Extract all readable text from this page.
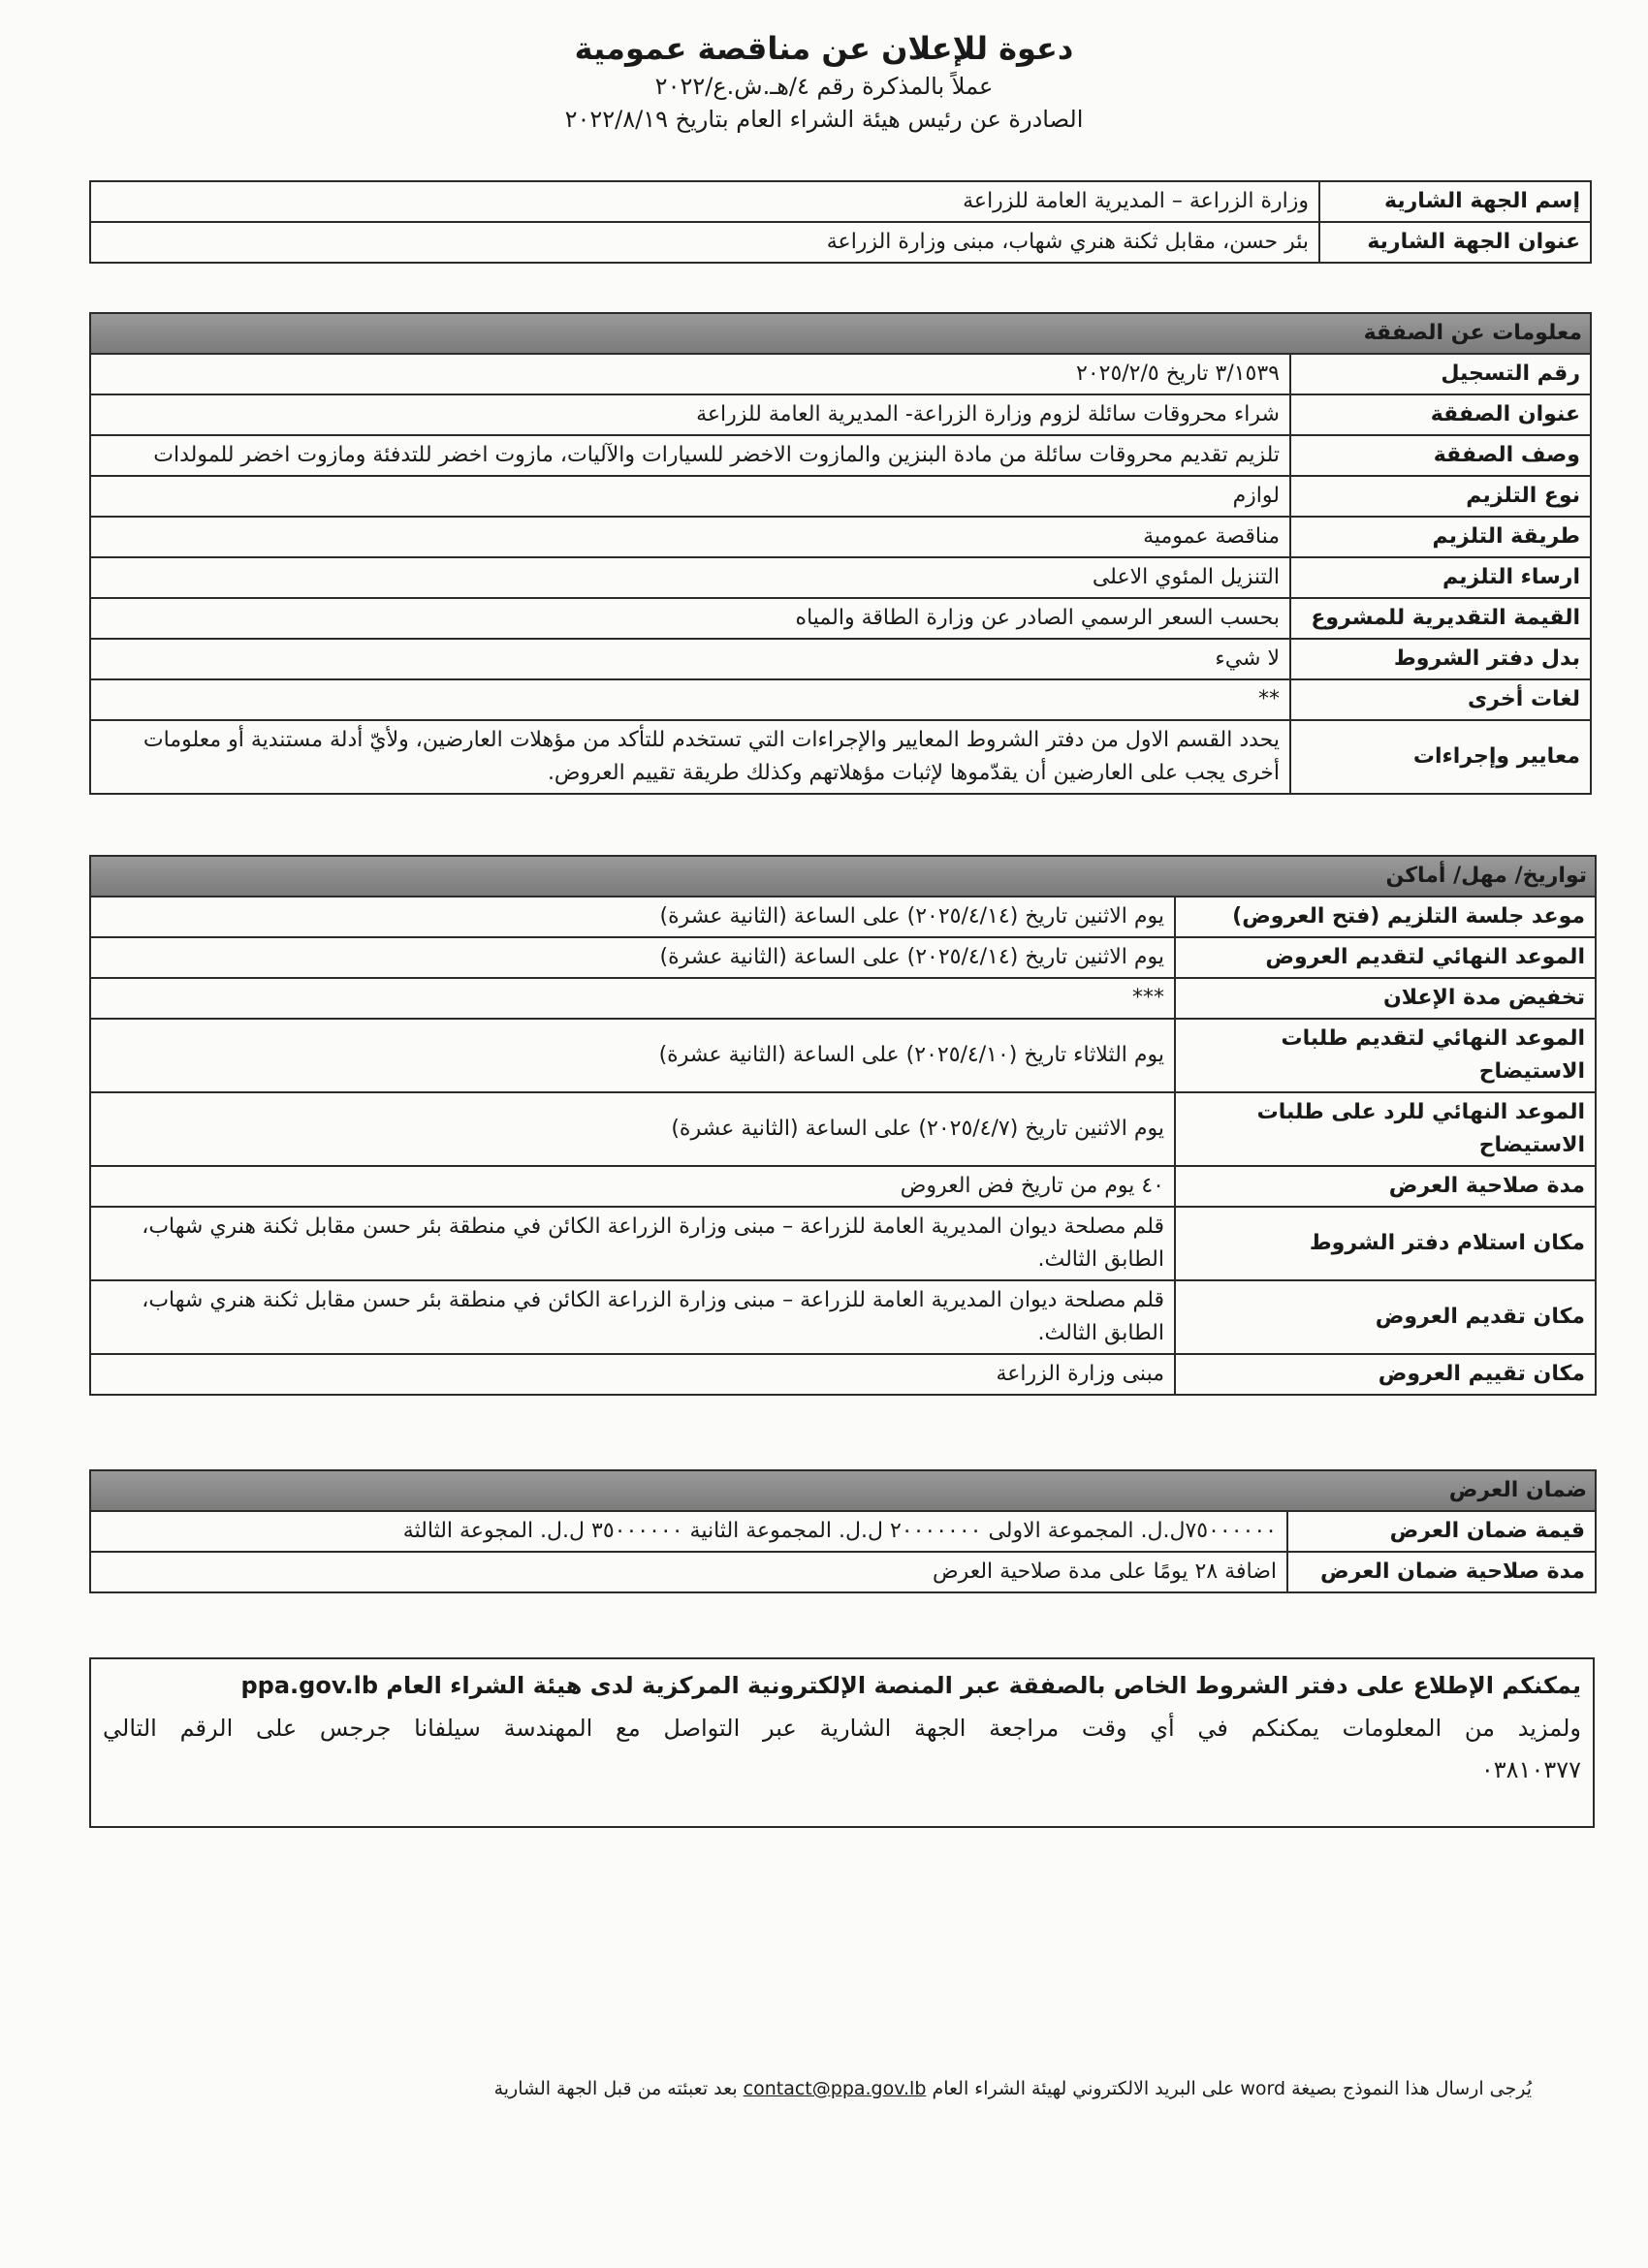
دعوة للإعلان عن مناقصة عمومية
عملاً بالمذكرة رقم ٤/هـ.ش.ع/٢٠٢٢
الصادرة عن رئيس هيئة الشراء العام بتاريخ ٢٠٢٢/٨/١٩
إسم الجهة الشارية	وزارة الزراعة – المديرية العامة للزراعة
عنوان الجهة الشارية	بئر حسن، مقابل ثكنة هنري شهاب، مبنى وزارة الزراعة
معلومات عن الصفقة	
رقم التسجيل	٣/١٥٣٩ تاريخ ٢٠٢٥/٢/٥
عنوان الصفقة	شراء محروقات سائلة لزوم وزارة الزراعة- المديرية العامة للزراعة
وصف الصفقة	تلزيم تقديم محروقات سائلة من مادة البنزين والمازوت الاخضر للسيارات والآليات، مازوت اخضر للتدفئة ومازوت اخضر للمولدات
نوع التلزيم	لوازم
طريقة التلزيم	مناقصة عمومية
ارساء التلزيم	التنزيل المئوي الاعلى
القيمة التقديرية للمشروع	بحسب السعر الرسمي الصادر عن وزارة الطاقة والمياه
بدل دفتر الشروط	لا شيء
لغات أخرى	**
معايير وإجراءات	يحدد القسم الاول من دفتر الشروط المعايير والإجراءات التي تستخدم للتأكد من مؤهلات العارضين، ولأيّ أدلة مستندية أو معلومات أخرى يجب على العارضين أن يقدّموها لإثبات مؤهلاتهم وكذلك طريقة تقييم العروض.
تواريخ/ مهل/ أماكن	
موعد جلسة التلزيم (فتح العروض)	يوم الاثنين تاريخ (٢٠٢٥/٤/١٤) على الساعة (الثانية عشرة)
الموعد النهائي لتقديم العروض	يوم الاثنين تاريخ (٢٠٢٥/٤/١٤) على الساعة (الثانية عشرة)
تخفيض مدة الإعلان	***
الموعد النهائي لتقديم طلبات الاستيضاح	يوم الثلاثاء تاريخ (٢٠٢٥/٤/١٠) على الساعة (الثانية عشرة)
الموعد النهائي للرد على طلبات الاستيضاح	يوم الاثنين تاريخ (٢٠٢٥/٤/٧) على الساعة (الثانية عشرة)
مدة صلاحية العرض	٤٠ يوم من تاريخ فض العروض
مكان استلام دفتر الشروط	قلم مصلحة ديوان المديرية العامة للزراعة – مبنى وزارة الزراعة الكائن في منطقة بئر حسن مقابل ثكنة هنري شهاب، الطابق الثالث.
مكان تقديم العروض	قلم مصلحة ديوان المديرية العامة للزراعة – مبنى وزارة الزراعة الكائن في منطقة بئر حسن مقابل ثكنة هنري شهاب، الطابق الثالث.
مكان تقييم العروض	مبنى وزارة الزراعة
ضمان العرض	
قيمة ضمان العرض	٧٥٠٠٠٠٠٠ل.ل. المجموعة الاولى ٢٠٠٠٠٠٠٠ ل.ل. المجموعة الثانية ٣٥٠٠٠٠٠٠ ل.ل. المجوعة الثالثة
مدة صلاحية ضمان العرض	اضافة ٢٨ يومًا على مدة صلاحية العرض
يمكنكم الإطلاع على دفتر الشروط الخاص بالصفقة عبر المنصة الإلكترونية المركزية لدى هيئة الشراء العام ppa.gov.lb
ولمزيد من المعلومات يمكنكم في أي وقت مراجعة الجهة الشارية عبر التواصل مع المهندسة سيلفانا جرجس على الرقم التالي
٠٣٨١٠٣٧٧
يُرجى ارسال هذا النموذج بصيغة word على البريد الالكتروني لهيئة الشراء العام contact@ppa.gov.lb بعد تعبئته من قبل الجهة الشارية
